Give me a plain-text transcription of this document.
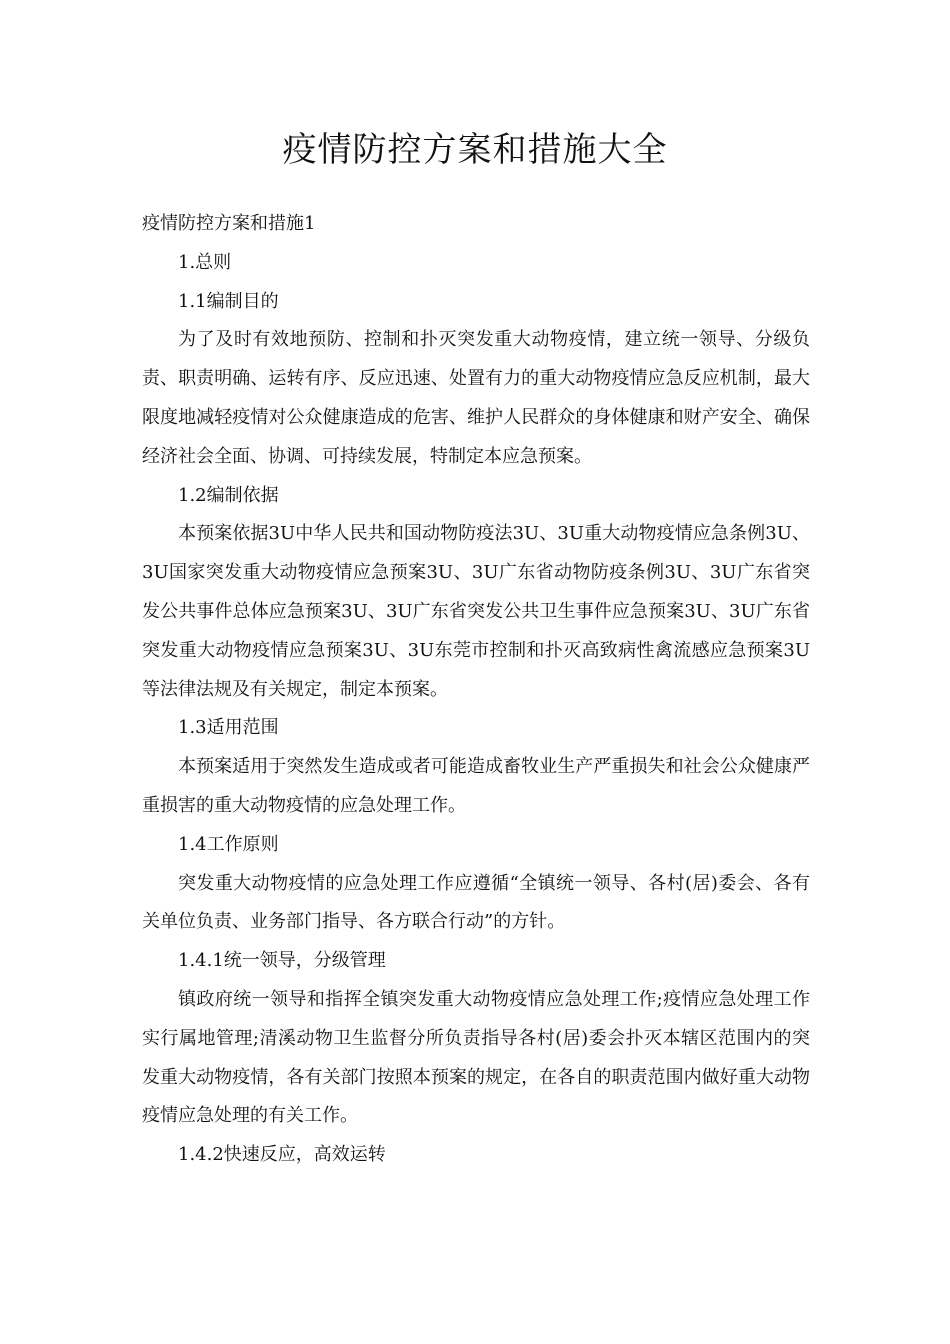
疫情防控方案和措施大全

疫情防控方案和措施1

1.总则

1.1编制目的

为了及时有效地预防、控制和扑灭突发重大动物疫情，建立统一领导、分级负责、职责明确、运转有序、反应迅速、处置有力的重大动物疫情应急反应机制，最大限度地减轻疫情对公众健康造成的危害、维护人民群众的身体健康和财产安全、确保经济社会全面、协调、可持续发展，特制定本应急预案。

1.2编制依据

本预案依据3U中华人民共和国动物防疫法3U、3U重大动物疫情应急条例3U、3U国家突发重大动物疫情应急预案3U、3U广东省动物防疫条例3U、3U广东省突发公共事件总体应急预案3U、3U广东省突发公共卫生事件应急预案3U、3U广东省突发重大动物疫情应急预案3U、3U东莞市控制和扑灭高致病性禽流感应急预案3U等法律法规及有关规定，制定本预案。

1.3适用范围

本预案适用于突然发生造成或者可能造成畜牧业生产严重损失和社会公众健康严重损害的重大动物疫情的应急处理工作。

1.4工作原则

突发重大动物疫情的应急处理工作应遵循“全镇统一领导、各村(居)委会、各有关单位负责、业务部门指导、各方联合行动”的方针。

1.4.1统一领导，分级管理

镇政府统一领导和指挥全镇突发重大动物疫情应急处理工作;疫情应急处理工作实行属地管理;清溪动物卫生监督分所负责指导各村(居)委会扑灭本辖区范围内的突发重大动物疫情，各有关部门按照本预案的规定，在各自的职责范围内做好重大动物疫情应急处理的有关工作。

1.4.2快速反应，高效运转
